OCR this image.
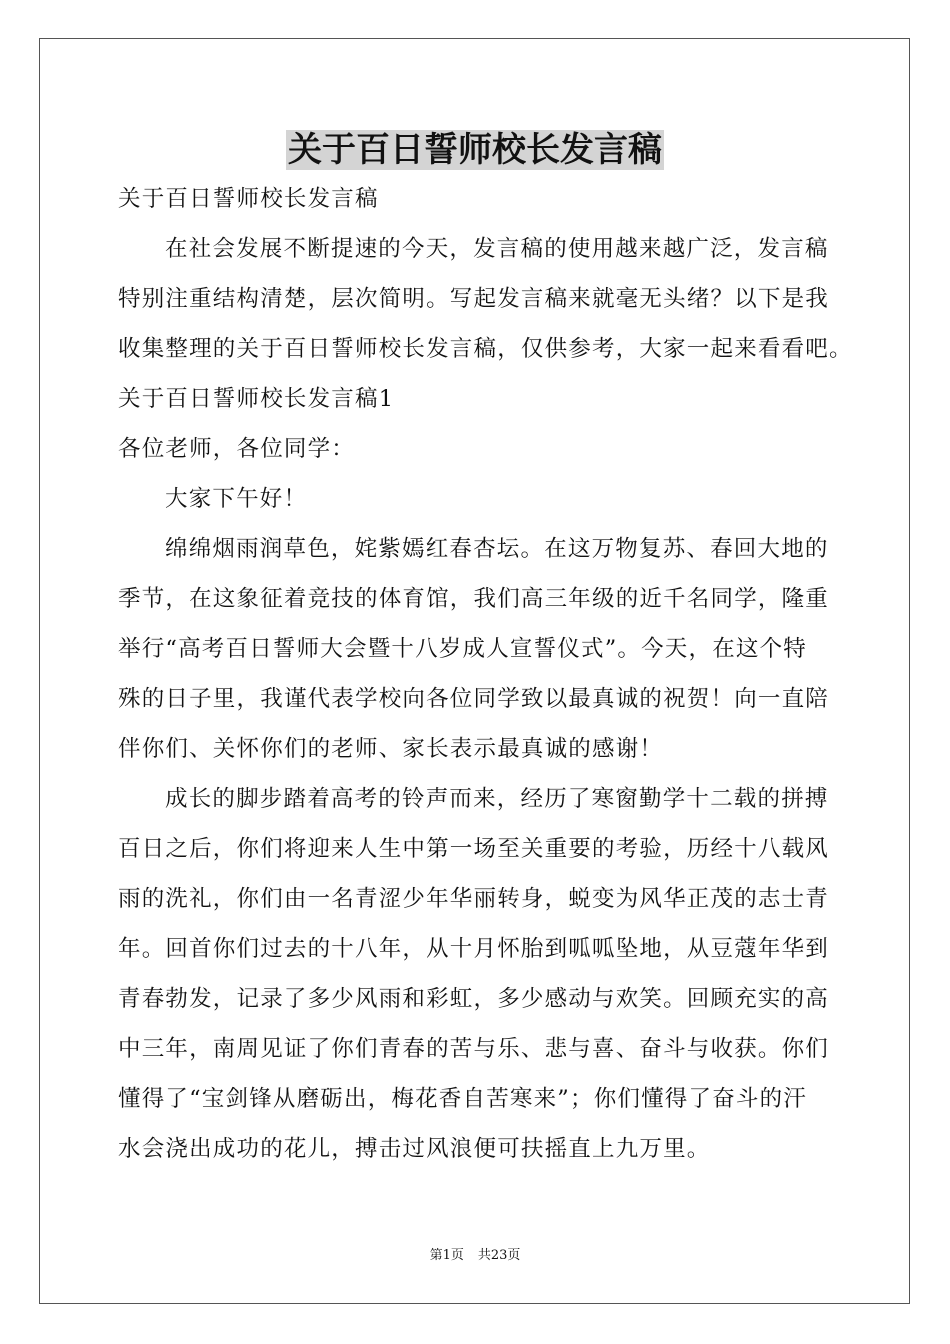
关于百日誓师校长发言稿
关于百日誓师校长发言稿
在社会发展不断提速的今天，发言稿的使用越来越广泛，发言稿
特别注重结构清楚，层次简明。写起发言稿来就毫无头绪？以下是我
收集整理的关于百日誓师校长发言稿，仅供参考，大家一起来看看吧。
关于百日誓师校长发言稿1
各位老师，各位同学：
大家下午好！
绵绵烟雨润草色，姹紫嫣红春杏坛。在这万物复苏、春回大地的
季节，在这象征着竞技的体育馆，我们高三年级的近千名同学，隆重
举行“高考百日誓师大会暨十八岁成人宣誓仪式”。今天，在这个特
殊的日子里，我谨代表学校向各位同学致以最真诚的祝贺！向一直陪
伴你们、关怀你们的老师、家长表示最真诚的感谢！
成长的脚步踏着高考的铃声而来，经历了寒窗勤学十二载的拼搏
百日之后，你们将迎来人生中第一场至关重要的考验，历经十八载风
雨的洗礼，你们由一名青涩少年华丽转身，蜕变为风华正茂的志士青
年。回首你们过去的十八年，从十月怀胎到呱呱坠地，从豆蔻年华到
青春勃发，记录了多少风雨和彩虹，多少感动与欢笑。回顾充实的高
中三年，南周见证了你们青春的苦与乐、悲与喜、奋斗与收获。你们
懂得了“宝剑锋从磨砺出，梅花香自苦寒来”；你们懂得了奋斗的汗
水会浇出成功的花儿，搏击过风浪便可扶摇直上九万里。
第1页 共23页
